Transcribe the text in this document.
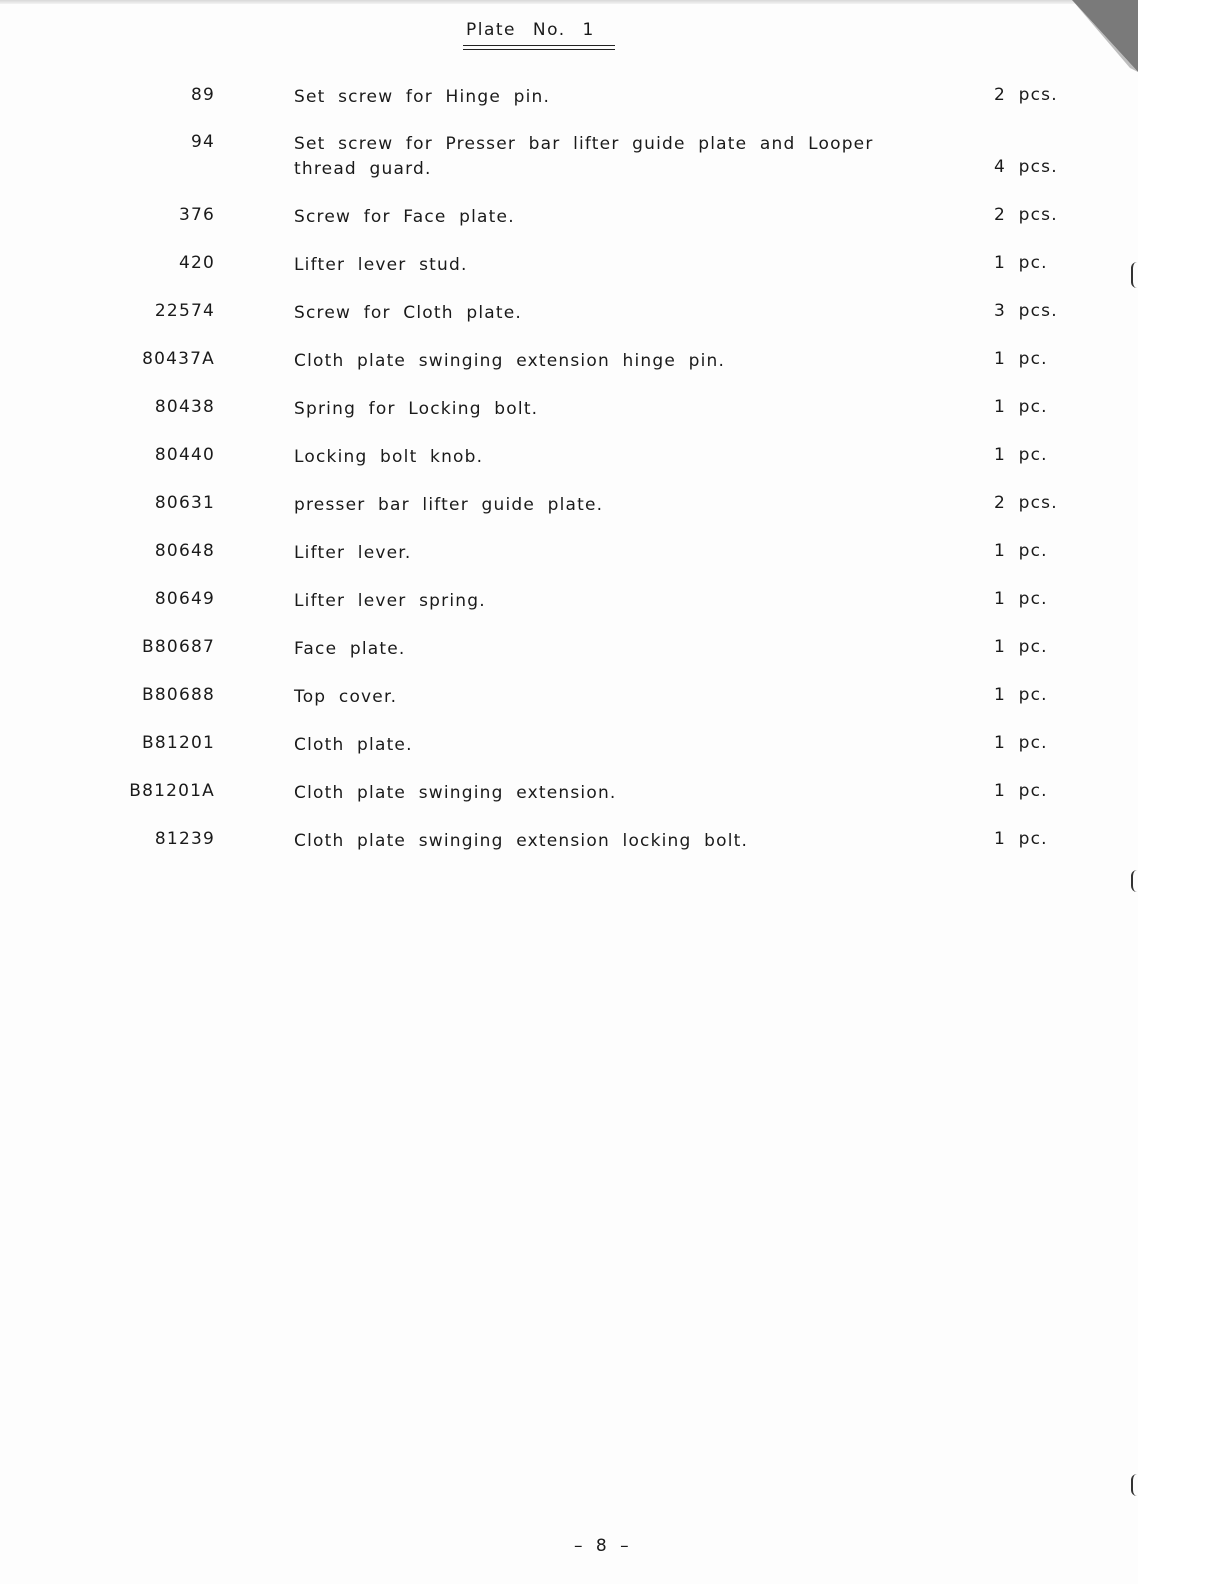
Plate No. 1
89	Set screw for Hinge pin.	2 pcs.
94	Set screw for Presser bar lifter guide plate and Looper thread guard.	4 pcs.
376	Screw for Face plate.	2 pcs.
420	Lifter lever stud.	1 pc.
22574	Screw for Cloth plate.	3 pcs.
80437A	Cloth plate swinging extension hinge pin.	1 pc.
80438	Spring for Locking bolt.	1 pc.
80440	Locking bolt knob.	1 pc.
80631	presser bar lifter guide plate.	2 pcs.
80648	Lifter lever.	1 pc.
80649	Lifter lever spring.	1 pc.
B80687	Face plate.	1 pc.
B80688	Top cover.	1 pc.
B81201	Cloth plate.	1 pc.
B81201A	Cloth plate swinging extension.	1 pc.
81239	Cloth plate swinging extension locking bolt.	1 pc.
– 8 –
